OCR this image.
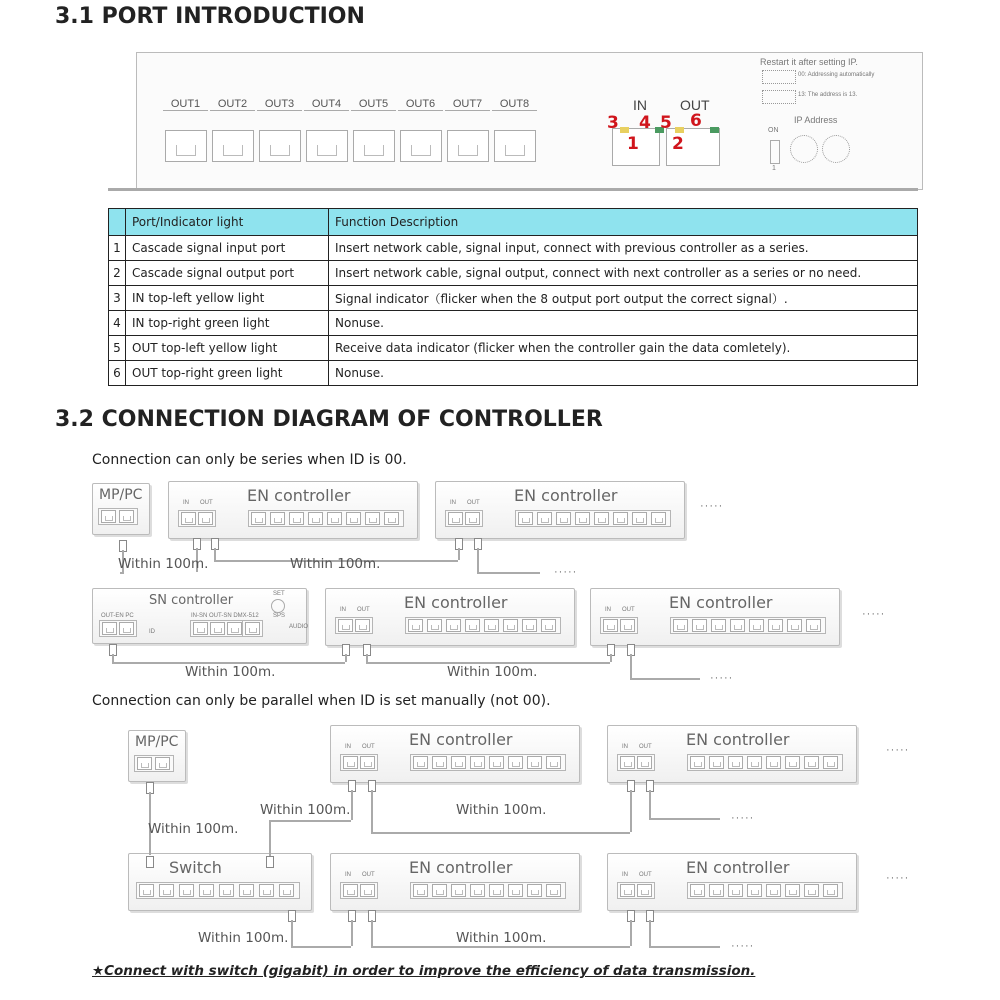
3.1 PORT INTRODUCTION
OUT1	OUT2	OUT3	OUT4	OUT5	OUT6	OUT7	OUT8	IN OUT
3 4 5 6
1 2
Restart it after setting IP.
00: Addressing automatically
13: The address is 13.
IP Address
ON
1
	Port/Indicator light	Function Description
1	Cascade signal input port	Insert network cable, signal input, connect with previous controller as a series.
2	Cascade signal output port	Insert network cable, signal output, connect with next controller as a series or no need.
3	IN top-left yellow light	Signal indicator（flicker when the 8 output port output the correct signal）.
4	IN top-right green light	Nonuse.
5	OUT top-left yellow light	Receive data indicator (flicker when the controller gain the data comletely).
6	OUT top-right green light	Nonuse.
3.2 CONNECTION DIAGRAM OF CONTROLLER
Connection can only be series when ID is 00.
Connection can only be parallel when ID is set manually (not 00).
MP/PC	EN controller
IN OUT	EN controller
IN OUT	·····
Within 100m.	Within 100m.	·····
SN controller
OUT-EN PC	IN-SN OUT-SN DMX-512
ID
SET
SPS
AUDIO
EN controller
IN OUT	EN controller
IN OUT	·····
Within 100m.	Within 100m.	·····
MP/PC	EN controller
IN OUT	EN controller
IN OUT	·····
Switch	EN controller
IN OUT	EN controller
IN OUT	·····
Within 100m.
Within 100m.	Within 100m.	·····
Within 100m.	Within 100m.	·····
★Connect with switch (gigabit) in order to improve the efficiency of data transmission.
